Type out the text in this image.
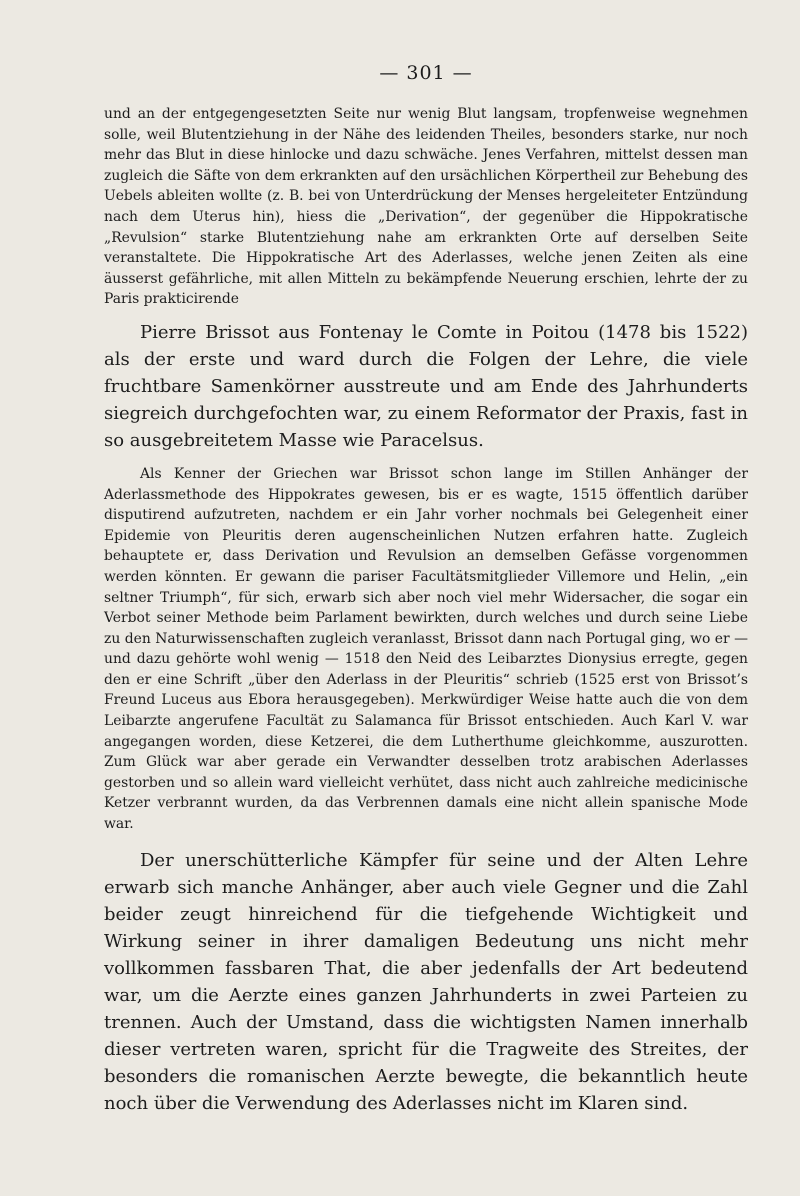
— 301 —

und an der entgegengesetzten Seite nur wenig Blut langsam, tropfenweise wegnehmen solle, weil Blutentziehung in der Nähe des leidenden Theiles, besonders starke, nur noch mehr das Blut in diese hinlocke und dazu schwäche. Jenes Verfahren, mittelst dessen man zugleich die Säfte von dem erkrankten auf den ursächlichen Körpertheil zur Behebung des Uebels ableiten wollte (z. B. bei von Unterdrückung der Menses hergeleiteter Entzündung nach dem Uterus hin), hiess die „Derivation“, der gegenüber die Hippokratische „Revulsion“ starke Blutentziehung nahe am erkrankten Orte auf derselben Seite veranstaltete. Die Hippokratische Art des Aderlasses, welche jenen Zeiten als eine äusserst gefährliche, mit allen Mitteln zu bekämpfende Neuerung erschien, lehrte der zu Paris prakticirende

Pierre Brissot aus Fontenay le Comte in Poitou (1478 bis 1522) als der erste und ward durch die Folgen der Lehre, die viele fruchtbare Samenkörner ausstreute und am Ende des Jahrhunderts siegreich durchgefochten war, zu einem Reformator der Praxis, fast in so ausgebreitetem Masse wie Paracelsus.

Als Kenner der Griechen war Brissot schon lange im Stillen Anhänger der Aderlassmethode des Hippokrates gewesen, bis er es wagte, 1515 öffentlich darüber disputirend aufzutreten, nachdem er ein Jahr vorher nochmals bei Gelegenheit einer Epidemie von Pleuritis deren augenscheinlichen Nutzen erfahren hatte. Zugleich behauptete er, dass Derivation und Revulsion an demselben Gefässe vorgenommen werden könnten. Er gewann die pariser Facultätsmitglieder Villemore und Helin, „ein seltner Triumph“, für sich, erwarb sich aber noch viel mehr Widersacher, die sogar ein Verbot seiner Methode beim Parlament bewirkten, durch welches und durch seine Liebe zu den Naturwissenschaften zugleich veranlasst, Brissot dann nach Portugal ging, wo er — und dazu gehörte wohl wenig — 1518 den Neid des Leibarztes Dionysius erregte, gegen den er eine Schrift „über den Aderlass in der Pleuritis“ schrieb (1525 erst von Brissot’s Freund Luceus aus Ebora herausgegeben). Merkwürdiger Weise hatte auch die von dem Leibarzte angerufene Facultät zu Salamanca für Brissot entschieden. Auch Karl V. war angegangen worden, diese Ketzerei, die dem Lutherthume gleichkomme, auszurotten. Zum Glück war aber gerade ein Verwandter desselben trotz arabischen Aderlasses gestorben und so allein ward vielleicht verhütet, dass nicht auch zahlreiche medicinische Ketzer verbrannt wurden, da das Verbrennen damals eine nicht allein spanische Mode war.

Der unerschütterliche Kämpfer für seine und der Alten Lehre erwarb sich manche Anhänger, aber auch viele Gegner und die Zahl beider zeugt hinreichend für die tiefgehende Wichtigkeit und Wirkung seiner in ihrer damaligen Bedeutung uns nicht mehr vollkommen fassbaren That, die aber jedenfalls der Art bedeutend war, um die Aerzte eines ganzen Jahrhunderts in zwei Parteien zu trennen. Auch der Umstand, dass die wichtigsten Namen innerhalb dieser vertreten waren, spricht für die Tragweite des Streites, der besonders die romanischen Aerzte bewegte, die bekanntlich heute noch über die Verwendung des Aderlasses nicht im Klaren sind.
